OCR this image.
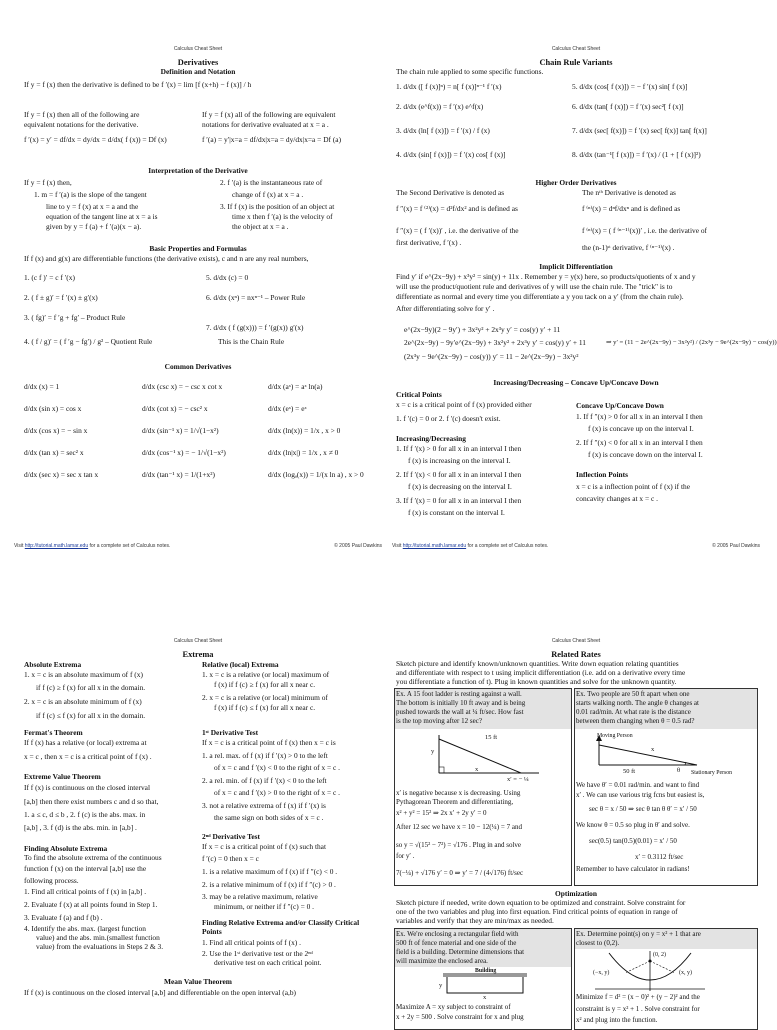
Calculus Cheat Sheet
Derivatives
Definition and Notation
If y = f (x) then the derivative is defined to be f ′(x) = lim [f (x+h) − f (x)] / h
If y = f (x) then all of the following are
equivalent notations for the derivative.
f ′(x) = y′ = df/dx = dy/dx = d/dx( f (x)) = Df (x)
If y = f (x) all of the following are equivalent
notations for derivative evaluated at x = a .
f ′(a) = y′|x=a = df/dx|x=a = dy/dx|x=a = Df (a)
Interpretation of the Derivative
If y = f (x) then,
1. m = f ′(a) is the slope of the tangent
line to y = f (x) at x = a and the
equation of the tangent line at x = a is
given by y = f (a) + f ′(a)(x − a).
2. f ′(a) is the instantaneous rate of
change of f (x) at x = a .
3. If f (x) is the position of an object at
time x then f ′(a) is the velocity of
the object at x = a .
Basic Properties and Formulas
If f (x) and g(x) are differentiable functions (the derivative exists), c and n are any real numbers,
1. (c f )′ = c f ′(x)
2. ( f ± g)′ = f ′(x) ± g′(x)
3. ( fg)′ = f ′g + fg′ – Product Rule
4. ( f / g)′ = ( f ′g − fg′) / g² – Quotient Rule
5. d/dx (c) = 0
6. d/dx (xⁿ) = nxⁿ⁻¹ – Power Rule
7. d/dx ( f (g(x))) = f ′(g(x)) g′(x)
This is the Chain Rule
Common Derivatives
d/dx (x) = 1	d/dx (csc x) = − csc x cot x	d/dx (aˣ) = aˣ ln(a)
d/dx (sin x) = cos x	d/dx (cot x) = − csc² x	d/dx (eˣ) = eˣ
d/dx (cos x) = − sin x	d/dx (sin⁻¹ x) = 1/√(1−x²)	d/dx (ln(x)) = 1/x , x > 0
d/dx (tan x) = sec² x	d/dx (cos⁻¹ x) = − 1/√(1−x²)	d/dx (ln|x|) = 1/x , x ≠ 0
d/dx (sec x) = sec x tan x	d/dx (tan⁻¹ x) = 1/(1+x²)	d/dx (logₐ(x)) = 1/(x ln a) , x > 0
Visit http://tutorial.math.lamar.edu for a complete set of Calculus notes.	© 2005 Paul Dawkins
Calculus Cheat Sheet
Chain Rule Variants
The chain rule applied to some specific functions.
1. d/dx ([ f (x)]ⁿ) = n[ f (x)]ⁿ⁻¹ f ′(x)
2. d/dx (e^f(x)) = f ′(x) e^f(x)
3. d/dx (ln[ f (x)]) = f ′(x) / f (x)
4. d/dx (sin[ f (x)]) = f ′(x) cos[ f (x)]
5. d/dx (cos[ f (x)]) = − f ′(x) sin[ f (x)]
6. d/dx (tan[ f (x)]) = f ′(x) sec²[ f (x)]
7. d/dx (sec[ f(x)]) = f ′(x) sec[ f(x)] tan[ f(x)]
8. d/dx (tan⁻¹[ f (x)]) = f ′(x) / (1 + [ f (x)]²)
Higher Order Derivatives
The Second Derivative is denoted as
f ″(x) = f ⁽²⁾(x) = d²f/dx² and is defined as
f ″(x) = ( f ′(x))′ , i.e. the derivative of the
first derivative, f ′(x) .
The nᵗʰ Derivative is denoted as
f ⁽ⁿ⁾(x) = dⁿf/dxⁿ and is defined as
f ⁽ⁿ⁾(x) = ( f ⁽ⁿ⁻¹⁾(x))′ , i.e. the derivative of
the (n-1)ˢᵗ derivative, f ⁽ⁿ⁻¹⁾(x) .
Implicit Differentiation
Find y′ if e^(2x−9y) + x³y² = sin(y) + 11x . Remember y = y(x) here, so products/quotients of x and y
will use the product/quotient rule and derivatives of y will use the chain rule. The "trick" is to
differentiate as normal and every time you differentiate a y you tack on a y′ (from the chain rule).
After differentiating solve for y′ .
e^(2x−9y)(2 − 9y′) + 3x²y² + 2x³y y′ = cos(y) y′ + 11
2e^(2x−9y) − 9y′e^(2x−9y) + 3x²y² + 2x³y y′ = cos(y) y′ + 11
(2x³y − 9e^(2x−9y) − cos(y)) y′ = 11 − 2e^(2x−9y) − 3x²y²
⇒ y′ = (11 − 2e^(2x−9y) − 3x²y²) / (2x³y − 9e^(2x−9y) − cos(y))
Increasing/Decreasing – Concave Up/Concave Down
Critical Points
x = c is a critical point of f (x) provided either
1. f ′(c) = 0 or 2. f ′(c) doesn't exist.
Increasing/Decreasing
1. If f ′(x) > 0 for all x in an interval I then
f (x) is increasing on the interval I.
2. If f ′(x) < 0 for all x in an interval I then
f (x) is decreasing on the interval I.
3. If f ′(x) = 0 for all x in an interval I then
f (x) is constant on the interval I.
Concave Up/Concave Down
1. If f ″(x) > 0 for all x in an interval I then
f (x) is concave up on the interval I.
2. If f ″(x) < 0 for all x in an interval I then
f (x) is concave down on the interval I.
Inflection Points
x = c is a inflection point of f (x) if the
concavity changes at x = c .
Visit http://tutorial.math.lamar.edu for a complete set of Calculus notes.	© 2005 Paul Dawkins
Calculus Cheat Sheet
Extrema
Absolute Extrema
1. x = c is an absolute maximum of f (x)
if f (c) ≥ f (x) for all x in the domain.
2. x = c is an absolute minimum of f (x)
if f (c) ≤ f (x) for all x in the domain.
Relative (local) Extrema
1. x = c is a relative (or local) maximum of
f (x) if f (c) ≥ f (x) for all x near c.
2. x = c is a relative (or local) minimum of
f (x) if f (c) ≤ f (x) for all x near c.
Fermat's Theorem
If f (x) has a relative (or local) extrema at
x = c , then x = c is a critical point of f (x) .
Extreme Value Theorem
If f (x) is continuous on the closed interval
[a,b] then there exist numbers c and d so that,
1. a ≤ c, d ≤ b , 2. f (c) is the abs. max. in
[a,b] , 3. f (d) is the abs. min. in [a,b] .
Finding Absolute Extrema
To find the absolute extrema of the continuous
function f (x) on the interval [a,b] use the
following process.
1. Find all critical points of f (x) in [a,b] .
2. Evaluate f (x) at all points found in Step 1.
3. Evaluate f (a) and f (b) .
4. Identify the abs. max. (largest function
value) and the abs. min.(smallest function
value) from the evaluations in Steps 2 & 3.
1ˢᵗ Derivative Test
If x = c is a critical point of f (x) then x = c is
1. a rel. max. of f (x) if f ′(x) > 0 to the left
of x = c and f ′(x) < 0 to the right of x = c .
2. a rel. min. of f (x) if f ′(x) < 0 to the left
of x = c and f ′(x) > 0 to the right of x = c .
3. not a relative extrema of f (x) if f ′(x) is
the same sign on both sides of x = c .
2ⁿᵈ Derivative Test
If x = c is a critical point of f (x) such that
f ′(c) = 0 then x = c
1. is a relative maximum of f (x) if f ″(c) < 0 .
2. is a relative minimum of f (x) if f ″(c) > 0 .
3. may be a relative maximum, relative
minimum, or neither if f ″(c) = 0 .
Finding Relative Extrema and/or Classify Critical Points
1. Find all critical points of f (x) .
2. Use the 1ˢᵗ derivative test or the 2ⁿᵈ
derivative test on each critical point.
Mean Value Theorem
If f (x) is continuous on the closed interval [a,b] and differentiable on the open interval (a,b)
Calculus Cheat Sheet
Related Rates
Sketch picture and identify known/unknown quantities. Write down equation relating quantities
and differentiate with respect to t using implicit differentiation (i.e. add on a derivative every time
you differentiate a function of t). Plug in known quantities and solve for the unknown quantity.
Ex. A 15 foot ladder is resting against a wall.
The bottom is initially 10 ft away and is being
pushed towards the wall at ¼ ft/sec. How fast
is the top moving after 12 sec?
15 ft
y
x
x′ = − ¼
x′ is negative because x is decreasing. Using
Pythagorean Theorem and differentiating,
x² + y² = 15² ⇒ 2x x′ + 2y y′ = 0
After 12 sec we have x = 10 − 12(¼) = 7 and
so y = √(15² − 7²) = √176 . Plug in and solve
for y′ .
7(−¼) + √176 y′ = 0 ⇒ y′ = 7 / (4√176) ft/sec
Ex. Two people are 50 ft apart when one
starts walking north. The angle θ changes at
0.01 rad/min. At what rate is the distance
between them changing when θ = 0.5 rad?
Moving Person
x
50 ft	θ Stationary Person
We have θ′ = 0.01 rad/min. and want to find
x′ . We can use various trig fcns but easiest is,
sec θ = x / 50 ⇒ sec θ tan θ θ′ = x′ / 50
We know θ = 0.5 so plug in θ′ and solve.
sec(0.5) tan(0.5)(0.01) = x′ / 50
x′ = 0.3112 ft/sec
Remember to have calculator in radians!
Optimization
Sketch picture if needed, write down equation to be optimized and constraint. Solve constraint for
one of the two variables and plug into first equation. Find critical points of equation in range of
variables and verify that they are min/max as needed.
Ex. We're enclosing a rectangular field with
500 ft of fence material and one side of the
field is a building. Determine dimensions that
will maximize the enclosed area.
Building
y
x
Maximize A = xy subject to constraint of
x + 2y = 500 . Solve constraint for x and plug
Ex. Determine point(s) on y = x² + 1 that are
closest to (0,2).
(0, 2)
(−x, y)	(x, y)
Minimize f = d² = (x − 0)² + (y − 2)² and the
constraint is y = x² + 1 . Solve constraint for
x² and plug into the function.
